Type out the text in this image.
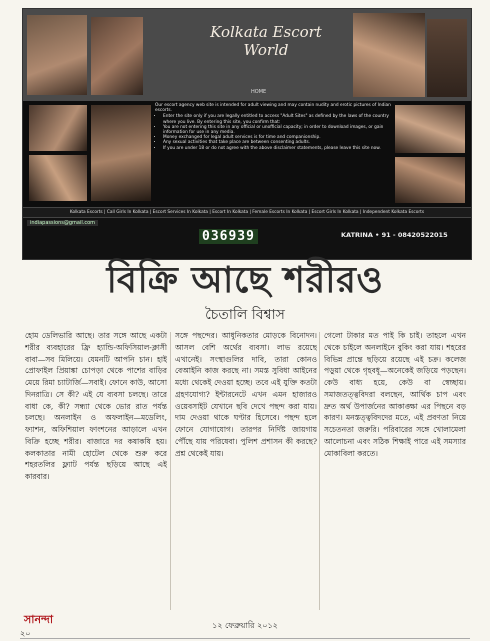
Kolkata Escort

World

HOME

Our escort agency web site is intended for adult viewing and may contain nudity and erotic pictures of Indian escorts.

• Enter the site only if you are legally entitled to access "Adult Sites" as defined by the laws of the country where you live. By entering this site, you confirm that:
• You are not entering this site in any official or unofficial capacity; in order to download images, or gain information for use in any media.
• Money exchanged for legal adult services is for time and companionship.
• Any sexual activities that take place are between consenting adults.
• If you are under 18 or do not agree with the above disclaimer statements, please leave this site now.
Kolkata Escorts | Call Girls In Kolkata | Escort Services In Kolkata | Escort In Kolkata | Female Escorts In Kolkata | Escort Girls In Kolkata | Independent Kolkata Escorts
indiapassions@gmail.com
036939	KATRINA • 91 - 08420522015
বিক্রি আছে শরীরও
চৈতালি বিশ্বাস
হোম ডেলিভারি আছে। তার সঙ্গে আছে একটা শরীর ব্যবহারের ফ্রি হ্যান্ডি-অফিসিয়াল-ক্লাসী বাবা—সব মিলিয়ে। যেমনটি আপনি চান। হাই প্রোফাইল প্রিয়াঙ্কা চোপড়া থেকে পাশের বাড়ির মেয়ে রিমা চ্যাটার্জি—সবাই। ফোনে কাউ, আসো দিনরাত্রি। সে কী? এই যে ব্যবসা চলছে। তারে বাধা কে, কী? সন্ধ্যা থেকে ভোর রাত পর্যন্ত চলছে। অনলাইন ও অফলাইন—মডেলিং, ফ্যাশন, অফিশিয়াল ফাংশনের আড়ালে এখন বিক্রি হচ্ছে শরীর। বাজারে দর কষাকষি হয়। কলকাতার নামী হোটেল থেকে শুরু করে শহরতলির ফ্ল্যাট পর্যন্ত ছড়িয়ে আছে এই কারবার।
সঙ্গে পছন্দের। আধুনিকতার মোড়কে বিনোদন। আসল বেশি অর্থের ব্যবসা। লাভ রয়েছে এখানেই। সংস্থাগুলির দাবি, তারা কোনও বেআইনি কাজ করছে না। সমস্ত সুবিধা আইনের মধ্যে থেকেই দেওয়া হচ্ছে। তবে এই যুক্তি কতটা গ্রহণযোগ্য? ইন্টারনেটে এখন এমন হাজারও ওয়েবসাইট যেখানে ছবি দেখে পছন্দ করা যায়। দাম দেওয়া থাকে ঘণ্টার হিসেবে। পছন্দ হলে ফোনে যোগাযোগ। তারপর নির্দিষ্ট জায়গায় পৌঁছে যায় পরিষেবা। পুলিশ প্রশাসন কী করছে? প্রশ্ন থেকেই যায়।
গেলো টাকার মত পাই কি চাই। তাহলে এখন থেকে চাইলে অনলাইনে বুকিং করা যায়। শহরের বিভিন্ন প্রান্তে ছড়িয়ে রয়েছে এই চক্র। কলেজ পড়ুয়া থেকে গৃহবধূ—অনেকেই জড়িয়ে পড়ছেন। কেউ বাধ্য হয়ে, কেউ বা স্বেচ্ছায়। সমাজতত্ত্ববিদরা বলছেন, আর্থিক চাপ এবং দ্রুত অর্থ উপার্জনের আকাঙ্ক্ষা এর পিছনে বড় কারণ। মনস্তত্ত্ববিদদের মতে, এই প্রবণতা নিয়ে সচেতনতা জরুরি। পরিবারের সঙ্গে খোলামেলা আলোচনা এবং সঠিক শিক্ষাই পারে এই সমস্যার মোকাবিলা করতে।
সানন্দা
২০
১২ ফেব্রুয়ারি ২০১২
